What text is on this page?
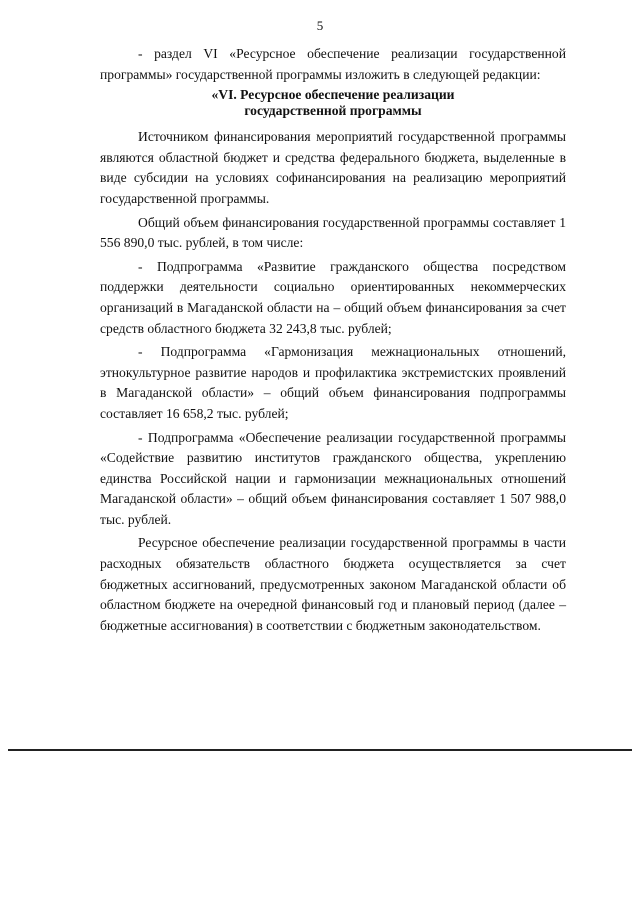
5

- раздел VI «Ресурсное обеспечение реализации государственной программы» государственной программы изложить в следующей редакции:

«VI. Ресурсное обеспечение реализации
государственной программы

Источником финансирования мероприятий государственной программы являются областной бюджет и средства федерального бюджета, выделенные в виде субсидии на условиях софинансирования на реализацию мероприятий государственной программы.

Общий объем финансирования государственной программы составляет 1 556 890,0 тыс. рублей, в том числе:

- Подпрограмма «Развитие гражданского общества посредством поддержки деятельности социально ориентированных некоммерческих организаций в Магаданской области на – общий объем финансирования за счет средств областного бюджета 32 243,8 тыс. рублей;

- Подпрограмма «Гармонизация межнациональных отношений, этнокультурное развитие народов и профилактика экстремистских проявлений в Магаданской области» – общий объем финансирования подпрограммы составляет 16 658,2 тыс. рублей;

- Подпрограмма «Обеспечение реализации государственной программы «Содействие развитию институтов гражданского общества, укреплению единства Российской нации и гармонизации межнациональных отношений Магаданской области» – общий объем финансирования составляет 1 507 988,0 тыс. рублей.

Ресурсное обеспечение реализации государственной программы в части расходных обязательств областного бюджета осуществляется за счет бюджетных ассигнований, предусмотренных законом Магаданской области об областном бюджете на очередной финансовый год и плановый период (далее – бюджетные ассигнования) в соответствии с бюджетным законодательством.
